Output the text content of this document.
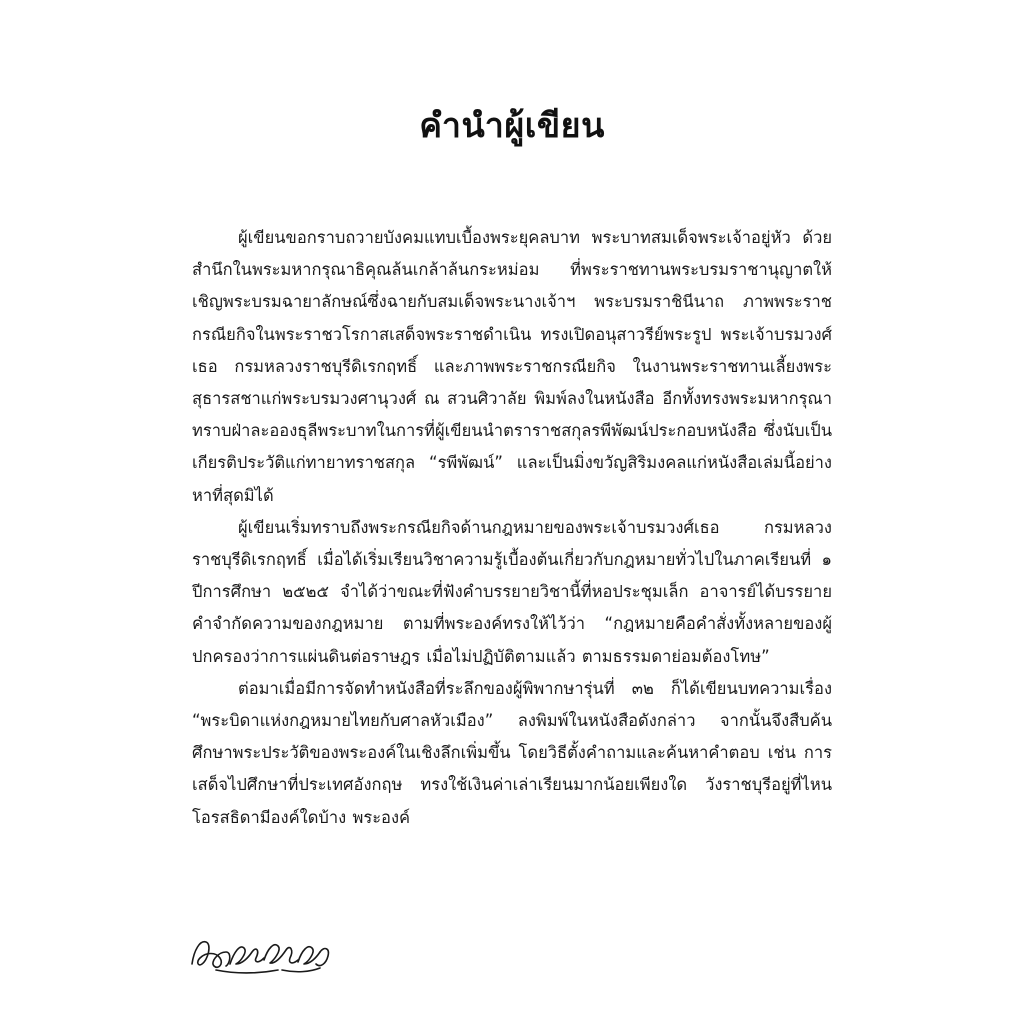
คำนำผู้เขียน

ผู้เขียนขอกราบถวายบังคมแทบเบื้องพระยุคลบาท พระบาทสมเด็จพระเจ้าอยู่หัว ด้วยสำนึกในพระมหากรุณาธิคุณล้นเกล้าล้นกระหม่อม ที่พระราชทานพระบรมราชานุญาตให้เชิญพระบรมฉายาลักษณ์ซึ่งฉายกับสมเด็จพระนางเจ้าฯ พระบรมราชินีนาถ ภาพพระราชกรณียกิจในพระราชวโรกาสเสด็จพระราชดำเนิน ทรงเปิดอนุสาวรีย์พระรูป พระเจ้าบรมวงศ์เธอ กรมหลวงราชบุรีดิเรกฤทธิ์ และภาพพระราชกรณียกิจ ในงานพระราชทานเลี้ยงพระสุธารสชาแก่พระบรมวงศานุวงศ์ ณ สวนศิวาลัย พิมพ์ลงในหนังสือ อีกทั้งทรงพระมหากรุณาทราบฝ่าละอองธุลีพระบาทในการที่ผู้เขียนนำตราราชสกุลรพีพัฒน์ประกอบหนังสือ ซึ่งนับเป็นเกียรติประวัติแก่ทายาทราชสกุล “รพีพัฒน์” และเป็นมิ่งขวัญสิริมงคลแก่หนังสือเล่มนี้อย่างหาที่สุดมิได้

ผู้เขียนเริ่มทราบถึงพระกรณียกิจด้านกฎหมายของพระเจ้าบรมวงศ์เธอ กรมหลวงราชบุรีดิเรกฤทธิ์ เมื่อได้เริ่มเรียนวิชาความรู้เบื้องต้นเกี่ยวกับกฎหมายทั่วไปในภาคเรียนที่ ๑ ปีการศึกษา ๒๕๒๕ จำได้ว่าขณะที่ฟังคำบรรยายวิชานี้ที่หอประชุมเล็ก อาจารย์ได้บรรยายคำจำกัดความของกฎหมาย ตามที่พระองค์ทรงให้ไว้ว่า “กฎหมายคือคำสั่งทั้งหลายของผู้ปกครองว่าการแผ่นดินต่อราษฎร เมื่อไม่ปฏิบัติตามแล้ว ตามธรรมดาย่อมต้องโทษ”

ต่อมาเมื่อมีการจัดทำหนังสือที่ระลึกของผู้พิพากษารุ่นที่ ๓๒ ก็ได้เขียนบทความเรื่อง “พระบิดาแห่งกฎหมายไทยกับศาลหัวเมือง” ลงพิมพ์ในหนังสือดังกล่าว จากนั้นจึงสืบค้นศึกษาพระประวัติของพระองค์ในเชิงลึกเพิ่มขึ้น โดยวิธีตั้งคำถามและค้นหาคำตอบ เช่น การเสด็จไปศึกษาที่ประเทศอังกฤษ ทรงใช้เงินค่าเล่าเรียนมากน้อยเพียงใด วังราชบุรีอยู่ที่ไหน โอรสธิดามีองค์ใดบ้าง พระองค์
